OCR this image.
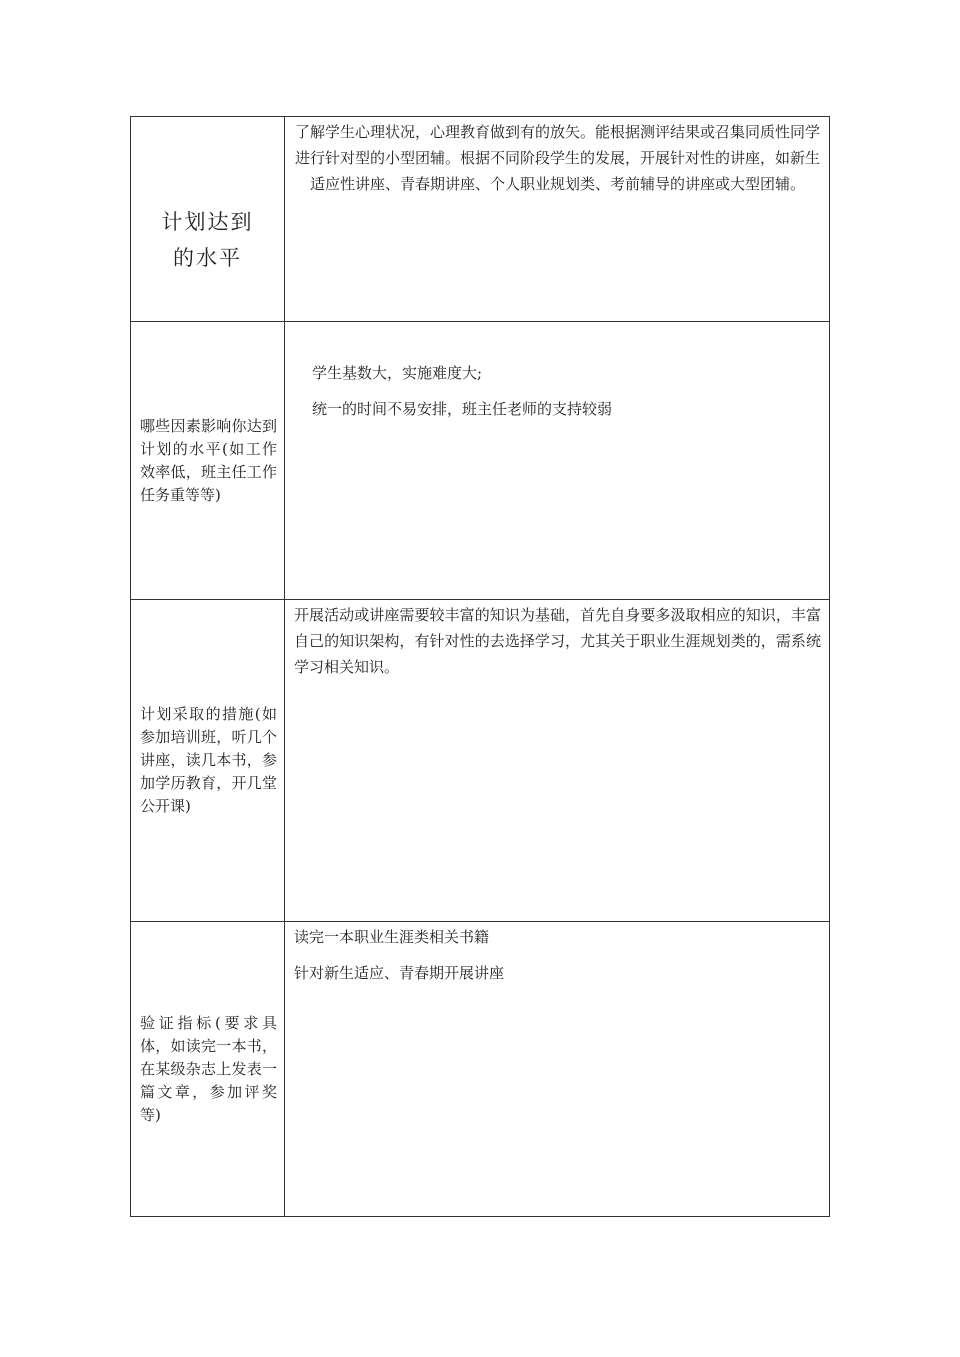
计划达到
的水平	了解学生心理状况，心理教育做到有的放矢。能根据测评结果或召集同质性同学进行针对型的小型团辅。根据不同阶段学生的发展，开展针对性的讲座，如新生适应性讲座、青春期讲座、个人职业规划类、考前辅导的讲座或大型团辅。

哪些因素影响你达到计划的水平(如工作效率低，班主任工作任务重等等)	学生基数大，实施难度大;

统一的时间不易安排，班主任老师的支持较弱

计划采取的措施(如参加培训班，听几个讲座，读几本书，参加学历教育，开几堂公开课)	开展活动或讲座需要较丰富的知识为基础，首先自身要多汲取相应的知识，丰富自己的知识架构，有针对性的去选择学习，尤其关于职业生涯规划类的，需系统学习相关知识。

验证指标(要求具体，如读完一本书，在某级杂志上发表一篇文章，参加评奖等)	读完一本职业生涯类相关书籍

针对新生适应、青春期开展讲座
